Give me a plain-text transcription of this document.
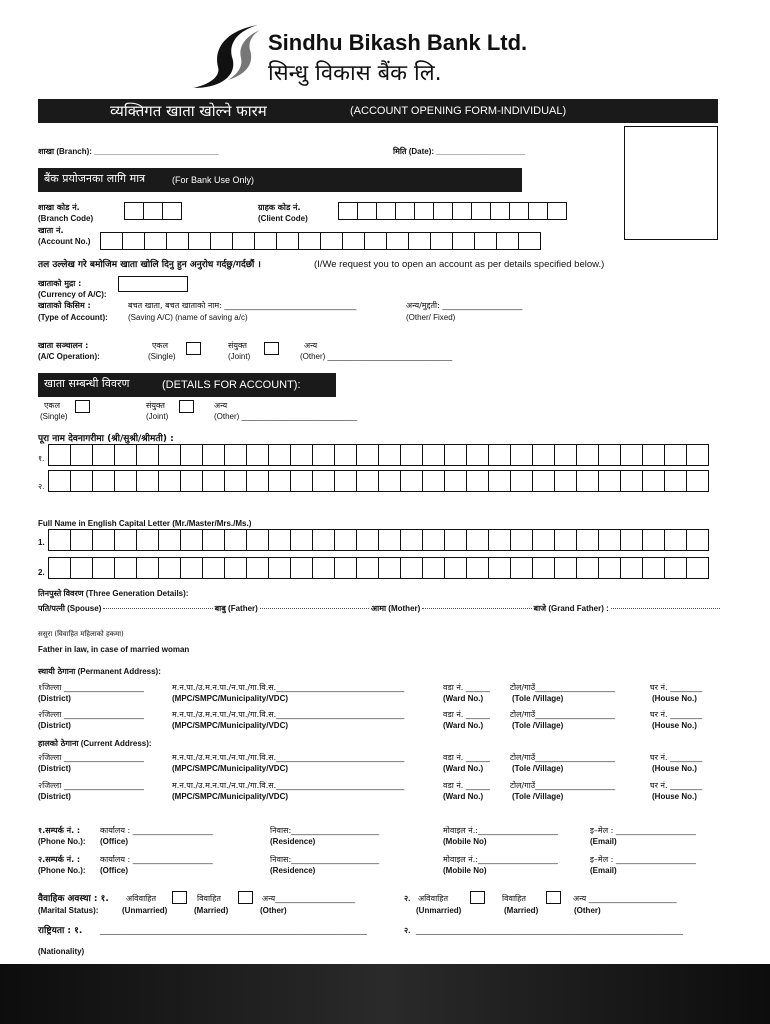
Sindhu Bikash Bank Ltd.
सिन्धु विकास बैंक लि.
व्यक्तिगत खाता खोल्ने फारम	(ACCOUNT OPENING FORM-INDIVIDUAL)
शाखा (Branch): ____________________________	मिति (Date): ____________________
बैंक प्रयोजनका लागि मात्र	(For Bank Use Only)
शाखा कोड नं.
(Branch Code)
ग्राहक कोड नं.
(Client Code)
खाता नं.
(Account No.)
तल उल्लेख गरे बमोजिम खाता खोलि दिनु हुन अनुरोध गर्दछु/गर्दछौं ।	(I/We request you to open an account as per details specified below.)
खाताको मुद्रा :
(Currency of A/C):
खाताको किसिम :
(Type of Account):
बचत खाता, बचत खाताको नाम: _________________________________
(Saving A/C) (name of saving a/c)
अन्य/मुद्दती: ____________________
(Other/ Fixed)
खाता सञ्चालन :
(A/C Operation):
एकल
(Single)
संयुक्त
(Joint)
अन्य
(Other) ____________________________
खाता सम्बन्धी विवरण	(DETAILS FOR ACCOUNT):
एकल
(Single)
संयुक्त
(Joint)
अन्य
(Other) __________________________
पूरा नाम देवनागरीमा (श्री/सुश्री/श्रीमती) :
१.
२.
Full Name in English Capital Letter (Mr./Master/Mrs./Ms.)
1.
2.
तिनपुस्ते विवरण (Three Generation Details):
पति/पत्नी (Spouse)	बाबु (Father)	आमा (Mother)	बाजे (Grand Father) :
ससुरा (विवाहित महिलाको हकमा)
Father in law, in case of married woman
स्थायी ठेगाना (Permanent Address):
१जिल्ला ____________________	म.न.पा./उ.म.न.पा./न.पा./गा.वि.स.________________________________	वडा नं. ______	टोल/गाउँ____________________	घर नं. ________
(District)	(MPC/SMPC/Municipality/VDC)	(Ward No.)	(Tole /Village)	(House No.)
२जिल्ला ____________________	म.न.पा./उ.म.न.पा./न.पा./गा.वि.स.________________________________	वडा नं. ______	टोल/गाउँ____________________	घर नं. ________
(District)	(MPC/SMPC/Municipality/VDC)	(Ward No.)	(Tole /Village)	(House No.)
हालको ठेगाना (Current Address):
२जिल्ला ____________________	म.न.पा./उ.म.न.पा./न.पा./गा.वि.स.________________________________	वडा नं. ______	टोल/गाउँ____________________	घर नं. ________
(District)	(MPC/SMPC/Municipality/VDC)	(Ward No.)	(Tole /Village)	(House No.)
२जिल्ला ____________________	म.न.पा./उ.म.न.पा./न.पा./गा.वि.स.________________________________	वडा नं. ______	टोल/गाउँ____________________	घर नं. ________
(District)	(MPC/SMPC/Municipality/VDC)	(Ward No.)	(Tole /Village)	(House No.)
१.सम्पर्क नं. : कार्यालय : ____________________	निवास:______________________	मोवाइल नं.:____________________	इ–मेल : ____________________
(Phone No.): (Office)	(Residence)	(Mobile No)	(Email)
२.सम्पर्क नं. : कार्यालय : ____________________	निवास:______________________	मोवाइल नं.:____________________	इ–मेल : ____________________
(Phone No.): (Office)	(Residence)	(Mobile No)	(Email)
वैवाहिक अवस्था : १.
(Marital Status):
अविवाहित
(Unmarried)
विवाहित
(Married)
अन्य____________________
(Other)
२. अविवाहित
(Unmarried)
विवाहित
(Married)
अन्य ______________________
(Other)
राष्ट्रियता : १. ____________________________________________________________	२. ____________________________________________________________
(Nationality)
